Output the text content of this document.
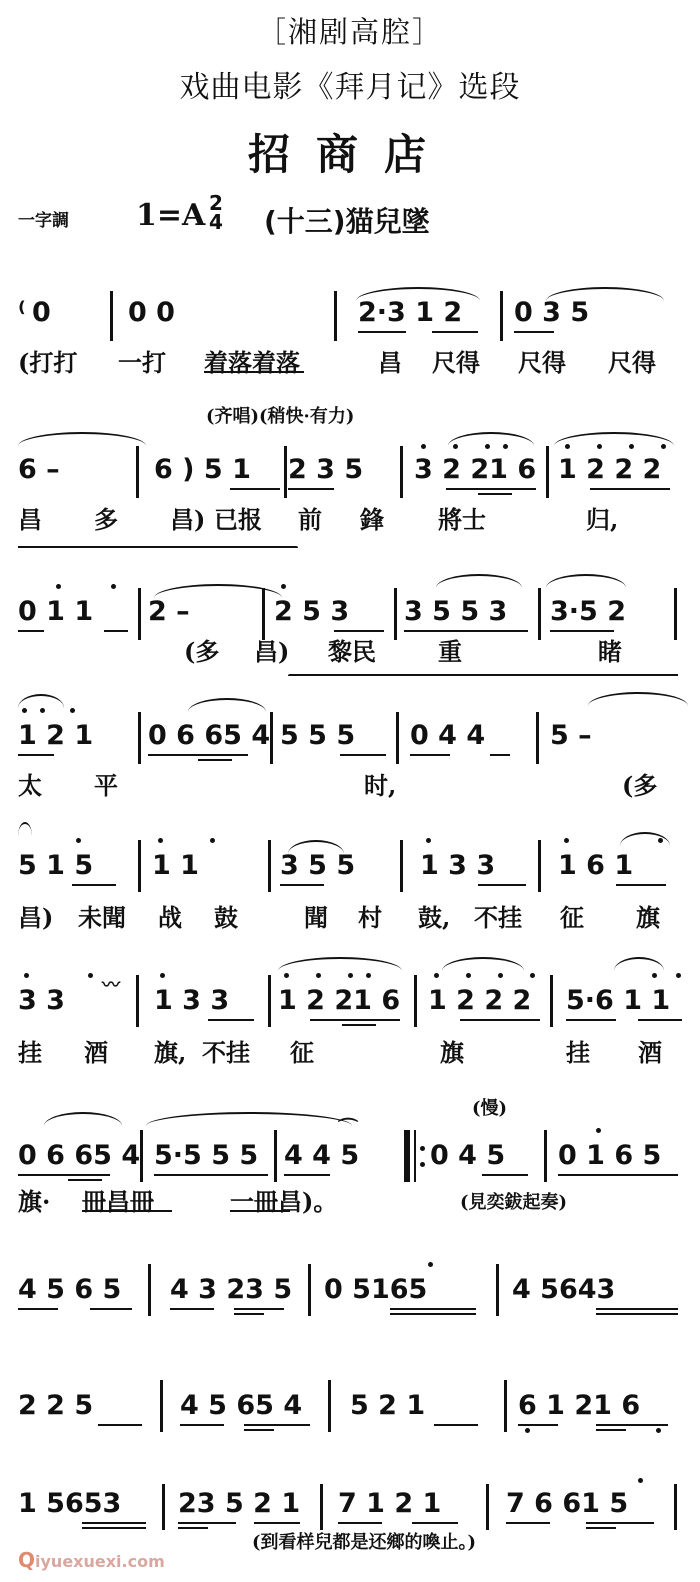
［湘剧高腔］
戏曲电影《拜月记》选段
招商店
一字調 1=A 2
4 (十三)猫兒墜
⁽ 0	0 0	2·3 1 2 0 3 5
(打打 一打 着落着落	昌 尺得 尺得 尺得
(齐唱)(稍快·有力)
6 –	6 ) 5 1 2 3 5 3 2 21 6 1 2 2 2
昌 多 昌) 已报 前 鋒 將士	归,
0 1 1 2 –	2 5 3 3 5 5 3 3·5 2
(多 昌) 黎民	重	睹
1 2 1 0 6 65 4 5 5 5 0 4 4 5 –
太 平	时,	(多
5 1 5 1 1	3 5 5 1 3 3 1 6 1
昌) 未聞 战 鼓	聞 村 鼓, 不挂 征 旗
3 3 〰 1 3 3 1 2 21 6 1 2 2 2 5·6 1 1
挂 酒 旗, 不挂 征	旗	挂 酒
(慢)
0 6 65 4 5·5 5 5 4 4 5
⌒
0 4 5 0 1 6 5
旗· 冊昌冊	一冊昌)。	(見奕鈸起奏)
4 5 6 5 4 3 23 5 0 5165	4 5643
2 2 5	4 5 65 4 5 2 1	6 1 21 6
1 5653 23 5 2 1 7 1 2 1 7 6 61 5
(到看样兒都是还鄉的喚止。)
Qiyuexuexi.com
